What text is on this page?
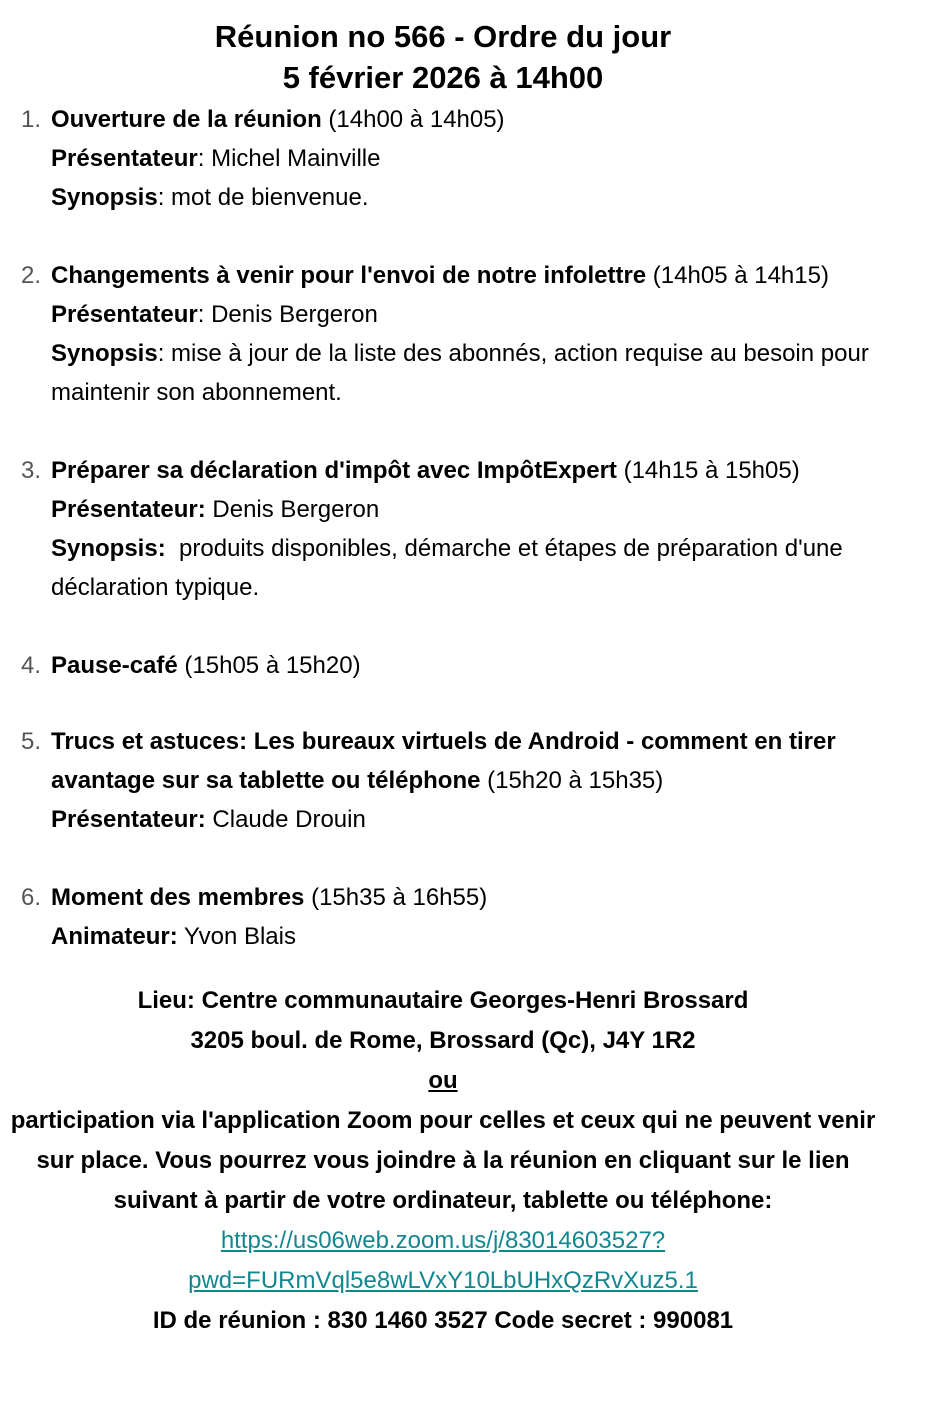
Réunion no 566 - Ordre du jour
5 février 2026 à 14h00
1. Ouverture de la réunion (14h00 à 14h05)
Présentateur: Michel Mainville
Synopsis: mot de bienvenue.
2. Changements à venir pour l'envoi de notre infolettre (14h05 à 14h15)
Présentateur: Denis Bergeron
Synopsis: mise à jour de la liste des abonnés, action requise au besoin pour maintenir son abonnement.
3. Préparer sa déclaration d'impôt avec ImpôtExpert (14h15 à 15h05)
Présentateur: Denis Bergeron
Synopsis:  produits disponibles, démarche et étapes de préparation d'une déclaration typique.
4. Pause-café (15h05 à 15h20)
5. Trucs et astuces: Les bureaux virtuels de Android - comment en tirer avantage sur sa tablette ou téléphone (15h20 à 15h35)
Présentateur: Claude Drouin
6. Moment des membres (15h35 à 16h55)
Animateur: Yvon Blais
Lieu: Centre communautaire Georges-Henri Brossard
3205 boul. de Rome, Brossard (Qc), J4Y 1R2
ou
participation via l'application Zoom pour celles et ceux qui ne peuvent venir sur place. Vous pourrez vous joindre à la réunion en cliquant sur le lien suivant à partir de votre ordinateur, tablette ou téléphone:
https://us06web.zoom.us/j/83014603527?
pwd=FURmVql5e8wLVxY10LbUHxQzRvXuz5.1
ID de réunion : 830 1460 3527 Code secret : 990081
